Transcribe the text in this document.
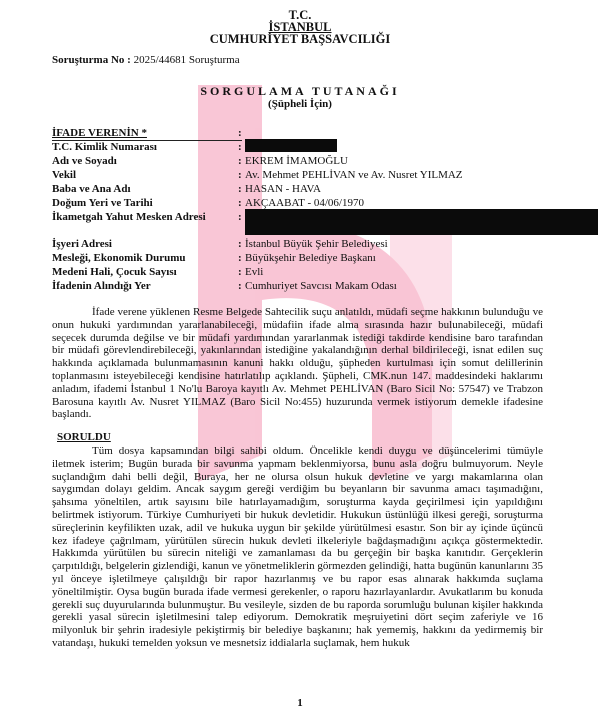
T.C.
İSTANBUL
CUMHURİYET BAŞSAVCILIĞI
Soruşturma No : 2025/44681 Soruşturma
SORGULAMA TUTANAĞI
(Şüpheli İçin)
İFADE VERENİN *	:
T.C. Kimlik Numarası	:
Adı ve Soyadı	: EKREM İMAMOĞLU
Vekil	: Av. Mehmet PEHLİVAN ve Av. Nusret YILMAZ
Baba ve Ana Adı	: HASAN - HAVA
Doğum Yeri ve Tarihi	: AKÇAABAT - 04/06/1970
İkametgah Yahut Mesken Adresi	:
İşyeri Adresi	: İstanbul Büyük Şehir Belediyesi
Mesleği, Ekonomik Durumu	: Büyükşehir Belediye Başkanı
Medeni Hali, Çocuk Sayısı	: Evli
İfadenin Alındığı Yer	: Cumhuriyet Savcısı Makam Odası
İfade verene yüklenen Resme Belgede Sahtecilik suçu anlatıldı, müdafi seçme hakkının bulunduğu ve onun hukuki yardımından yararlanabileceği, müdafiin ifade alma sırasında hazır bulunabileceği, müdafi seçecek durumda değilse ve bir müdafi yardımından yararlanmak istediği takdirde kendisine baro tarafından bir müdafi görevlendirebileceği, yakınlarından istediğine yakalandığının derhal bildirileceği, isnat edilen suç hakkında açıklamada bulunmamasının kanuni hakkı olduğu, şüpheden kurtulması için somut delillerinin toplanmasını isteyebileceği kendisine hatırlatılıp açıklandı. Şüpheli, CMK.nun 147. maddesindeki haklarımı anladım, ifademi İstanbul 1 No'lu Baroya kayıtlı Av. Mehmet PEHLİVAN (Baro Sicil No: 57547) ve Trabzon Barosuna kayıtlı Av. Nusret YILMAZ (Baro Sicil No:455) huzurunda vermek istiyorum demekle ifadesine başlandı.
SORULDU
Tüm dosya kapsamından bilgi sahibi oldum. Öncelikle kendi duygu ve düşüncelerimi tümüyle iletmek isterim; Bugün burada bir savunma yapmam beklenmiyorsa, bunu asla doğru bulmuyorum. Neyle suçlandığım dahi belli değil, Buraya, her ne olursa olsun hukuk devletine ve yargı makamlarına olan saygımdan dolayı geldim. Ancak saygım gereği verdiğim bu beyanların bir savunma amacı taşımadığını, şahsıma yöneltilen, artık sayısını bile hatırlayamadığım, soruşturma kayda geçirilmesi için yapıldığını belirtmek istiyorum. Türkiye Cumhuriyeti bir hukuk devletidir. Hukukun üstünlüğü ilkesi gereği, soruşturma süreçlerinin keyfilikten uzak, adil ve hukuka uygun bir şekilde yürütülmesi esastır. Son bir ay içinde üçüncü kez ifadeye çağrılmam, yürütülen sürecin hukuk devleti ilkeleriyle bağdaşmadığını açıkça göstermektedir. Hakkımda yürütülen bu sürecin niteliği ve zamanlaması da bu gerçeğin bir başka kanıtıdır. Gerçeklerin çarpıtıldığı, belgelerin gizlendiği, kanun ve yönetmeliklerin görmezden gelindiği, hatta bugünün kanunlarını 35 yıl önceye işletilmeye çalışıldığı bir rapor hazırlanmış ve bu rapor esas alınarak hakkımda suçlama yöneltilmiştir. Oysa bugün burada ifade vermesi gerekenler, o raporu hazırlayanlardır. Avukatlarım bu konuda gerekli suç duyurularında bulunmuştur. Bu vesileyle, sizden de bu raporda sorumluğu bulunan kişiler hakkında gerekli yasal sürecin işletilmesini talep ediyorum. Demokratik meşruiyetini dört seçim zaferiyle ve 16 milyonluk bir şehrin iradesiyle pekiştirmiş bir belediye başkanını; hak yememiş, hakkını da yedirmemiş bir vatandaşı, hukuki temelden yoksun ve mesnetsiz iddialarla suçlamak, hem hukuk
1
